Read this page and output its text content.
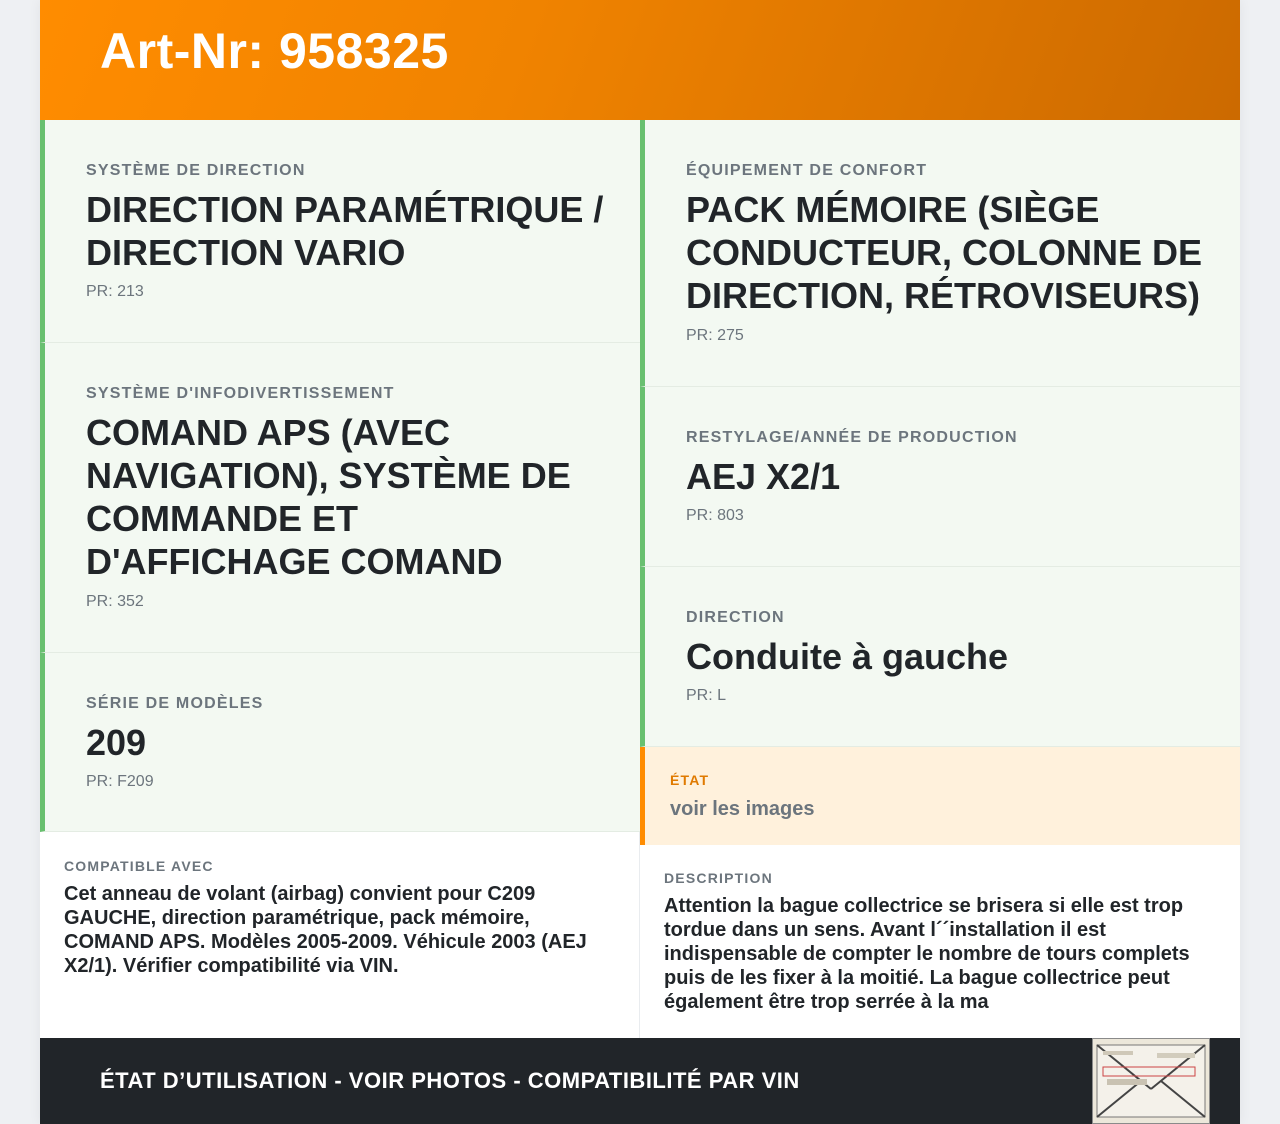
Art-Nr: 958325
SYSTÈME DE DIRECTION
DIRECTION PARAMÉTRIQUE / DIRECTION VARIO
PR: 213
SYSTÈME D'INFODIVERTISSEMENT
COMAND APS (AVEC NAVIGATION), SYSTÈME DE COMMANDE ET D'AFFICHAGE COMAND
PR: 352
SÉRIE DE MODÈLES
209
PR: F209
COMPATIBLE AVEC
Cet anneau de volant (airbag) convient pour C209 GAUCHE, direction paramétrique, pack mémoire, COMAND APS. Modèles 2005-2009. Véhicule 2003 (AEJ X2/1). Vérifier compatibilité via VIN.
ÉQUIPEMENT DE CONFORT
PACK MÉMOIRE (SIÈGE CONDUCTEUR, COLONNE DE DIRECTION, RÉTROVISEURS)
PR: 275
RESTYLAGE/ANNÉE DE PRODUCTION
AEJ X2/1
PR: 803
DIRECTION
Conduite à gauche
PR: L
ÉTAT
voir les images
DESCRIPTION
Attention la bague collectrice se brisera si elle est trop tordue dans un sens. Avant l´´installation il est indispensable de compter le nombre de tours complets puis de les fixer à la moitié. La bague collectrice peut également être trop serrée à la ma
ÉTAT D’UTILISATION - VOIR PHOTOS - COMPATIBILITÉ PAR VIN
